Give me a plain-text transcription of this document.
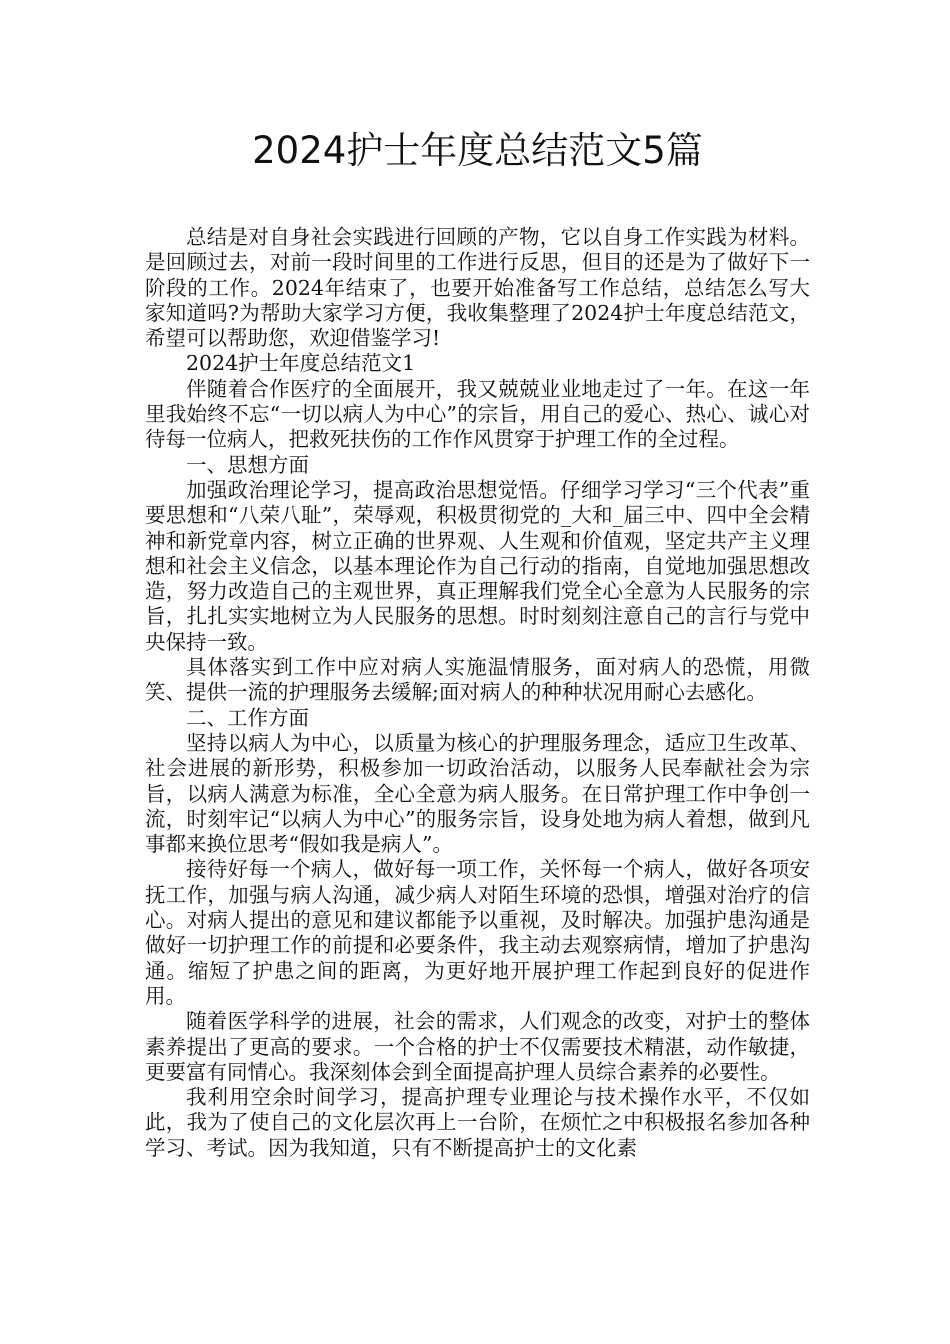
2024护士年度总结范文5篇

总结是对自身社会实践进行回顾的产物，它以自身工作实践为材料。是回顾过去，对前一段时间里的工作进行反思，但目的还是为了做好下一阶段的工作。2024年结束了，也要开始准备写工作总结，总结怎么写大家知道吗?为帮助大家学习方便，我收集整理了2024护士年度总结范文，希望可以帮助您，欢迎借鉴学习!

2024护士年度总结范文1

伴随着合作医疗的全面展开，我又兢兢业业地走过了一年。在这一年里我始终不忘“一切以病人为中心”的宗旨，用自己的爱心、热心、诚心对待每一位病人，把救死扶伤的工作作风贯穿于护理工作的全过程。

一、思想方面

加强政治理论学习，提高政治思想觉悟。仔细学习学习“三个代表”重要思想和“八荣八耻”，荣辱观，积极贯彻党的_大和_届三中、四中全会精神和新党章内容，树立正确的世界观、人生观和价值观，坚定共产主义理想和社会主义信念，以基本理论作为自己行动的指南，自觉地加强思想改造，努力改造自己的主观世界，真正理解我们党全心全意为人民服务的宗旨，扎扎实实地树立为人民服务的思想。时时刻刻注意自己的言行与党中央保持一致。

具体落实到工作中应对病人实施温情服务，面对病人的恐慌，用微笑、提供一流的护理服务去缓解;面对病人的种种状况用耐心去感化。

二、工作方面

坚持以病人为中心，以质量为核心的护理服务理念，适应卫生改革、社会进展的新形势，积极参加一切政治活动，以服务人民奉献社会为宗旨，以病人满意为标准，全心全意为病人服务。在日常护理工作中争创一流，时刻牢记“以病人为中心”的服务宗旨，设身处地为病人着想，做到凡事都来换位思考“假如我是病人”。

接待好每一个病人，做好每一项工作，关怀每一个病人，做好各项安抚工作，加强与病人沟通，减少病人对陌生环境的恐惧，增强对治疗的信心。对病人提出的意见和建议都能予以重视，及时解决。加强护患沟通是做好一切护理工作的前提和必要条件，我主动去观察病情，增加了护患沟通。缩短了护患之间的距离，为更好地开展护理工作起到良好的促进作用。

随着医学科学的进展，社会的需求，人们观念的改变，对护士的整体素养提出了更高的要求。一个合格的护士不仅需要技术精湛，动作敏捷，更要富有同情心。我深刻体会到全面提高护理人员综合素养的必要性。

我利用空余时间学习，提高护理专业理论与技术操作水平，不仅如此，我为了使自己的文化层次再上一台阶，在烦忙之中积极报名参加各种学习、考试。因为我知道，只有不断提高护士的文化素
